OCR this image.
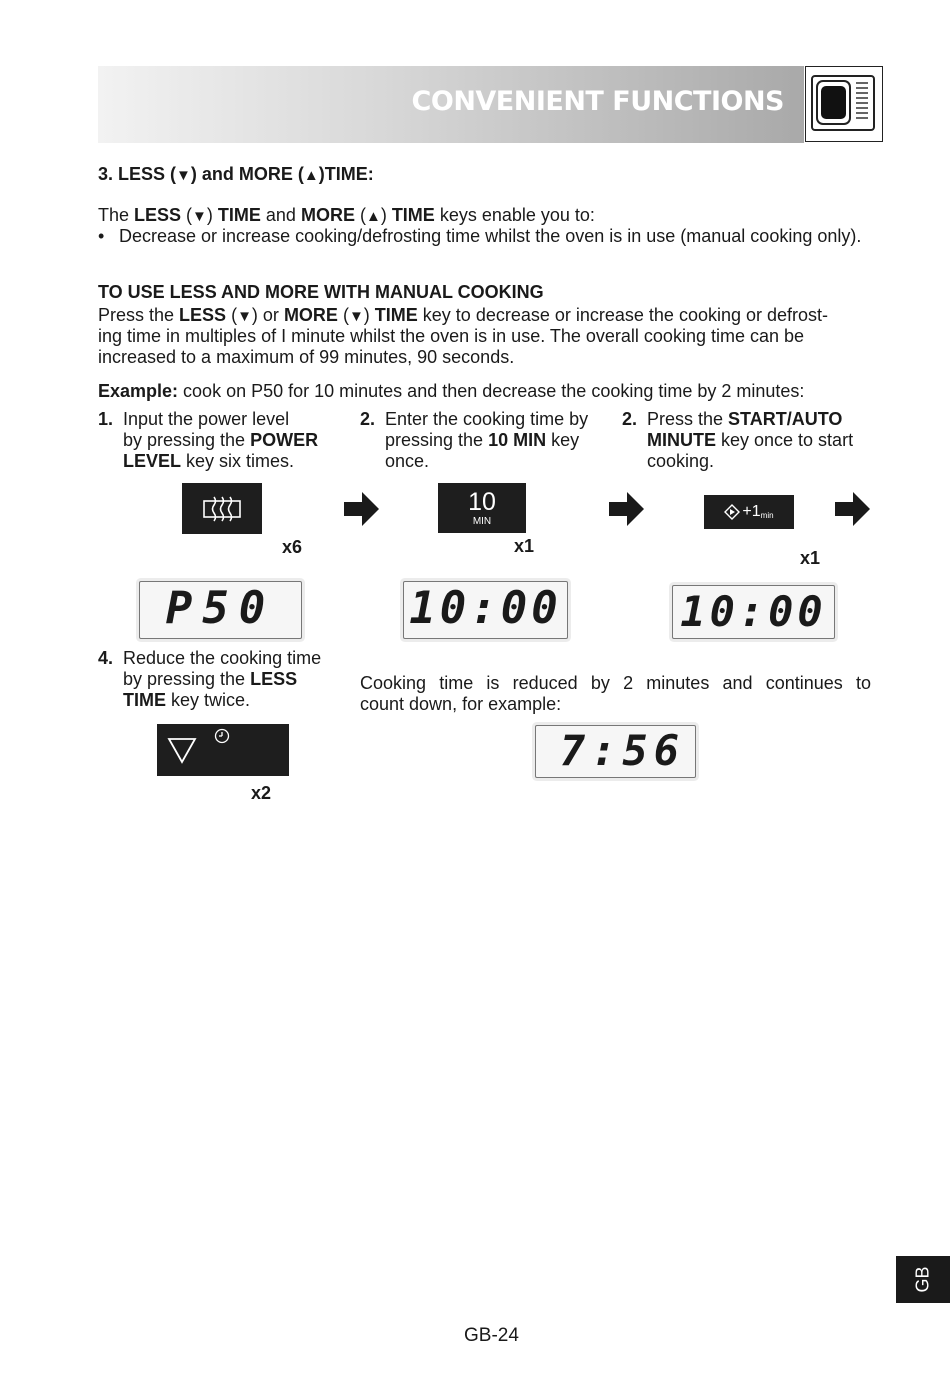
CONVENIENT FUNCTIONS
3. LESS (▼) and MORE (▲)TIME:
The LESS (▼) TIME and MORE (▲) TIME keys enable you to:
• Decrease or increase cooking/defrosting time whilst the oven is in use (manual cooking only).
TO USE LESS AND MORE WITH MANUAL COOKING
Press the LESS (▼) or MORE (▼) TIME key to decrease or increase the cooking or defrost-
ing time in multiples of I minute whilst the oven is in use. The overall cooking time can be
increased to a maximum of 99 minutes, 90 seconds.
Example: cook on P50 for 10 minutes and then decrease the cooking time by 2 minutes:
1. Input the power level
by pressing the POWER
LEVEL key six times.
x6
P50
2. Enter the cooking time by
pressing the 10 MIN key
once.
10
MIN
x1
10:00
2. Press the START/AUTO
MINUTE key once to start
cooking.
+1 min
x1
10:00
4. Reduce the cooking time
by pressing the LESS
TIME key twice.
x2
Cooking time is reduced by 2 minutes and continues to
count down, for example:
7:56
GB
GB-24
